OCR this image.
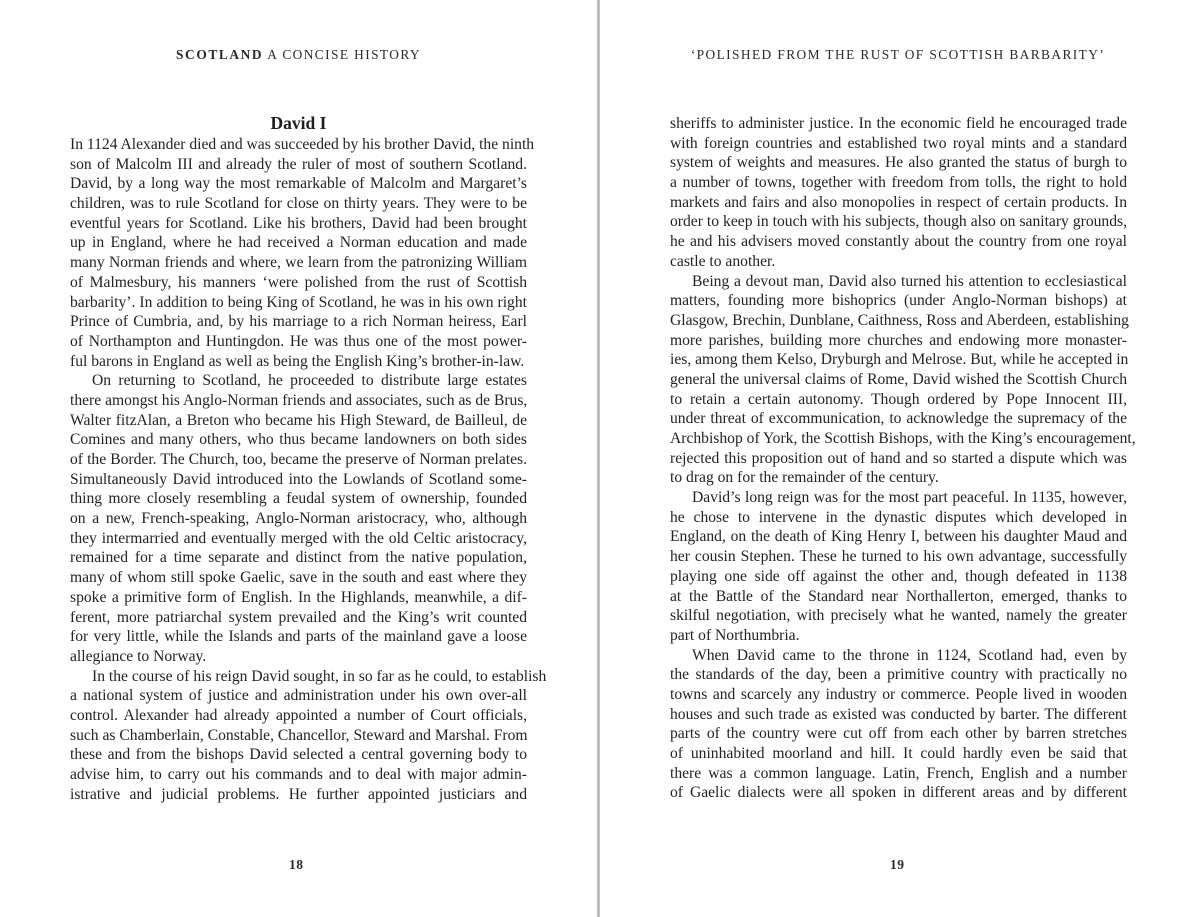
SCOTLAND A CONCISE HISTORY
David I
In 1124 Alexander died and was succeeded by his brother David, the ninth
son of Malcolm III and already the ruler of most of southern Scotland.
David, by a long way the most remarkable of Malcolm and Margaret’s
children, was to rule Scotland for close on thirty years. They were to be
eventful years for Scotland. Like his brothers, David had been brought
up in England, where he had received a Norman education and made
many Norman friends and where, we learn from the patronizing William
of Malmesbury, his manners ‘were polished from the rust of Scottish
barbarity’. In addition to being King of Scotland, he was in his own right
Prince of Cumbria, and, by his marriage to a rich Norman heiress, Earl
of Northampton and Huntingdon. He was thus one of the most power-
ful barons in England as well as being the English King’s brother-in-law.
On returning to Scotland, he proceeded to distribute large estates
there amongst his Anglo-Norman friends and associates, such as de Brus,
Walter fitzAlan, a Breton who became his High Steward, de Bailleul, de
Comines and many others, who thus became landowners on both sides
of the Border. The Church, too, became the preserve of Norman prelates.
Simultaneously David introduced into the Lowlands of Scotland some-
thing more closely resembling a feudal system of ownership, founded
on a new, French-speaking, Anglo-Norman aristocracy, who, although
they intermarried and eventually merged with the old Celtic aristocracy,
remained for a time separate and distinct from the native population,
many of whom still spoke Gaelic, save in the south and east where they
spoke a primitive form of English. In the Highlands, meanwhile, a dif-
ferent, more patriarchal system prevailed and the King’s writ counted
for very little, while the Islands and parts of the mainland gave a loose
allegiance to Norway.
In the course of his reign David sought, in so far as he could, to establish
a national system of justice and administration under his own over-all
control. Alexander had already appointed a number of Court officials,
such as Chamberlain, Constable, Chancellor, Steward and Marshal. From
these and from the bishops David selected a central governing body to
advise him, to carry out his commands and to deal with major admin-
istrative and judicial problems. He further appointed justiciars and
18
‘POLISHED FROM THE RUST OF SCOTTISH BARBARITY’
sheriffs to administer justice. In the economic field he encouraged trade
with foreign countries and established two royal mints and a standard
system of weights and measures. He also granted the status of burgh to
a number of towns, together with freedom from tolls, the right to hold
markets and fairs and also monopolies in respect of certain products. In
order to keep in touch with his subjects, though also on sanitary grounds,
he and his advisers moved constantly about the country from one royal
castle to another.
Being a devout man, David also turned his attention to ecclesiastical
matters, founding more bishoprics (under Anglo-Norman bishops) at
Glasgow, Brechin, Dunblane, Caithness, Ross and Aberdeen, establishing
more parishes, building more churches and endowing more monaster-
ies, among them Kelso, Dryburgh and Melrose. But, while he accepted in
general the universal claims of Rome, David wished the Scottish Church
to retain a certain autonomy. Though ordered by Pope Innocent III,
under threat of excommunication, to acknowledge the supremacy of the
Archbishop of York, the Scottish Bishops, with the King’s encouragement,
rejected this proposition out of hand and so started a dispute which was
to drag on for the remainder of the century.
David’s long reign was for the most part peaceful. In 1135, however,
he chose to intervene in the dynastic disputes which developed in
England, on the death of King Henry I, between his daughter Maud and
her cousin Stephen. These he turned to his own advantage, successfully
playing one side off against the other and, though defeated in 1138
at the Battle of the Standard near Northallerton, emerged, thanks to
skilful negotiation, with precisely what he wanted, namely the greater
part of Northumbria.
When David came to the throne in 1124, Scotland had, even by
the standards of the day, been a primitive country with practically no
towns and scarcely any industry or commerce. People lived in wooden
houses and such trade as existed was conducted by barter. The different
parts of the country were cut off from each other by barren stretches
of uninhabited moorland and hill. It could hardly even be said that
there was a common language. Latin, French, English and a number
of Gaelic dialects were all spoken in different areas and by different
19
